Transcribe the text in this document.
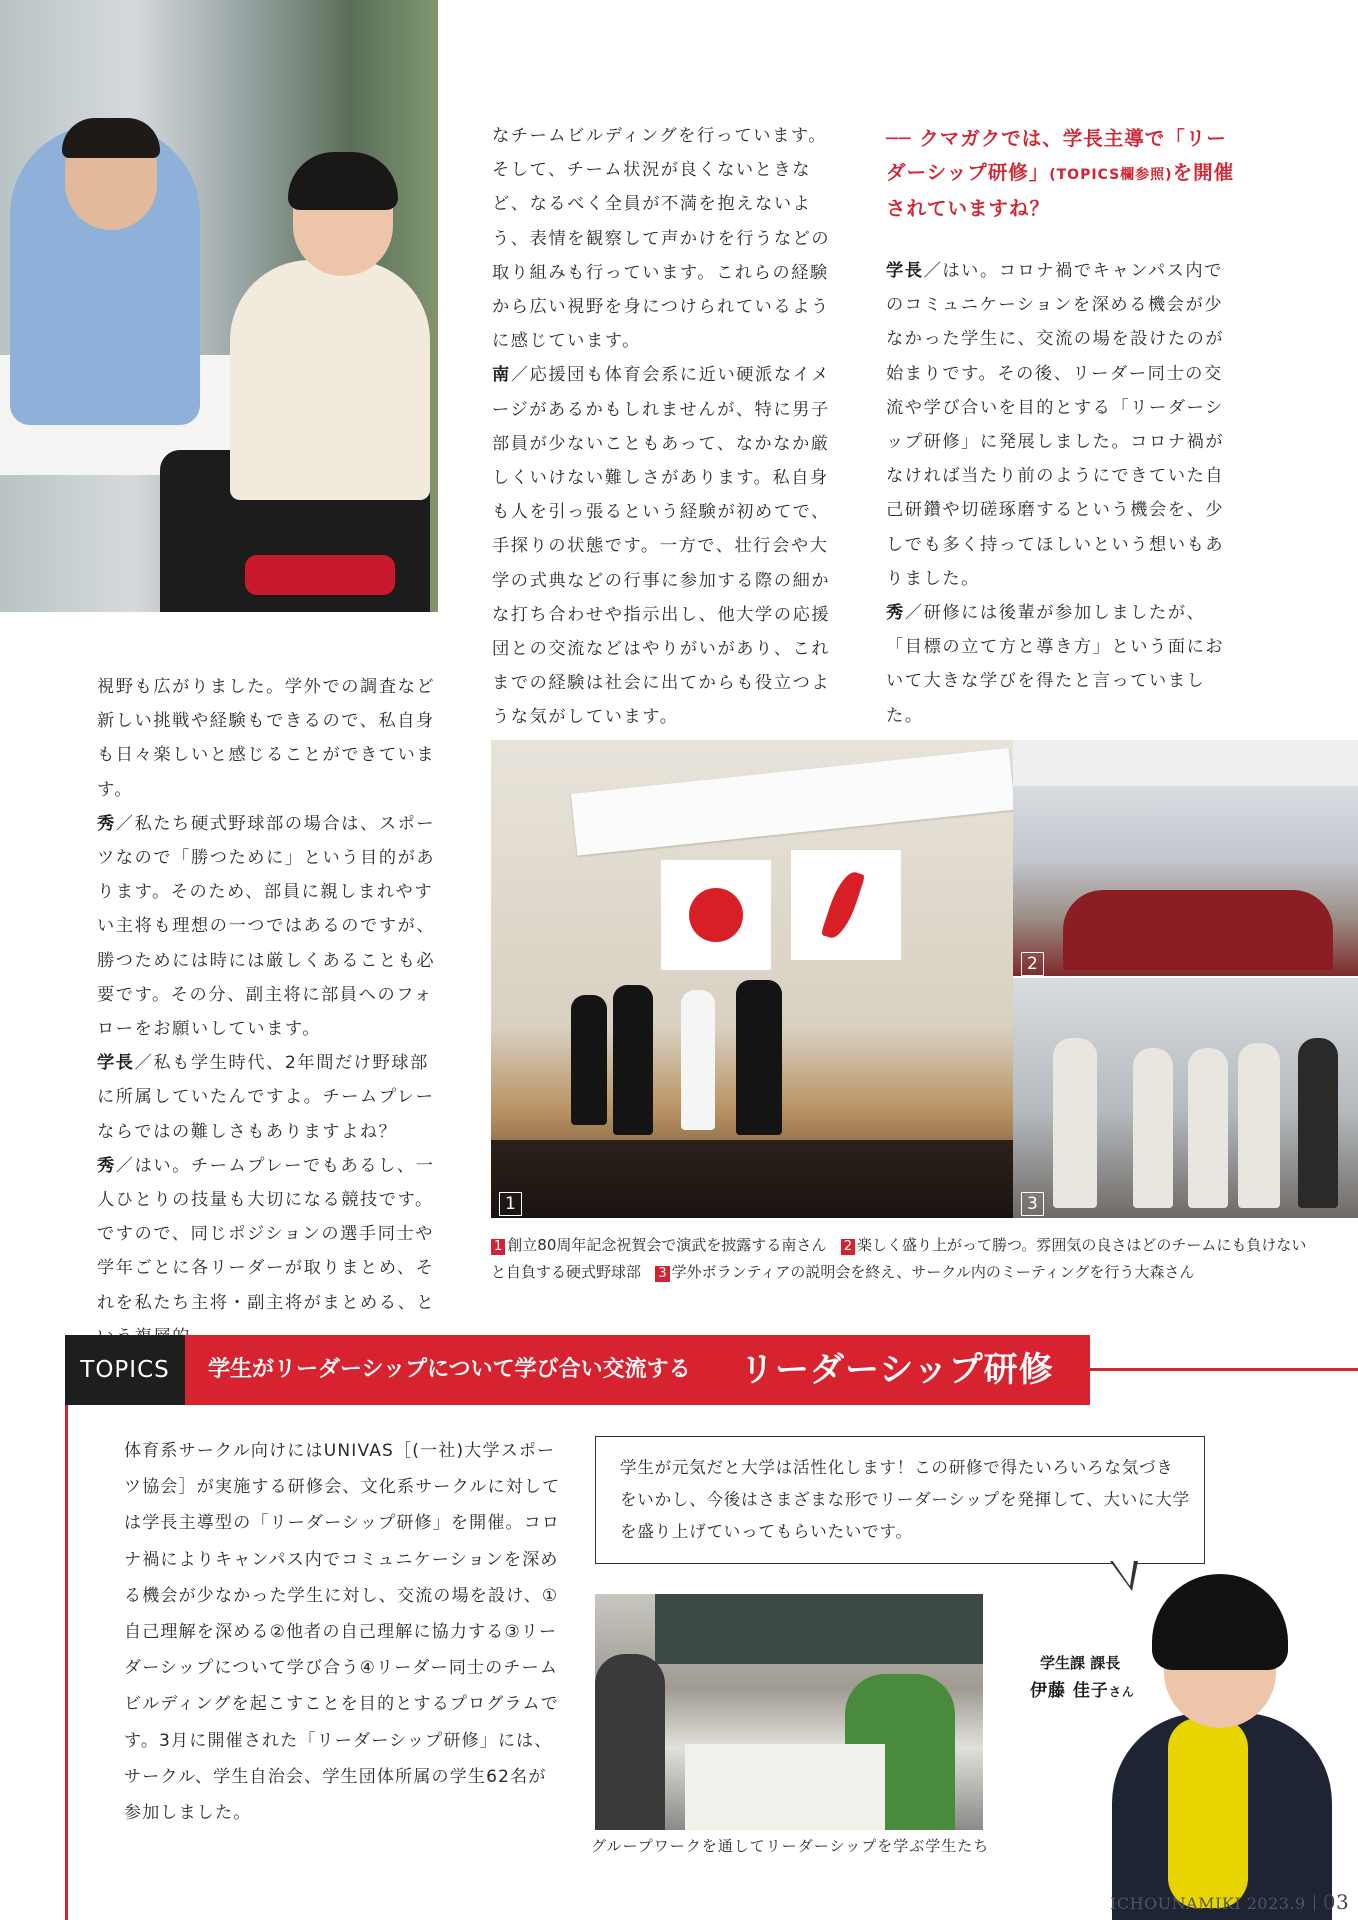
なチームビルディングを行っています。そして、チーム状況が良くないときなど、なるべく全員が不満を抱えないよう、表情を観察して声かけを行うなどの取り組みも行っています。これらの経験から広い視野を身につけられているように感じています。

南／応援団も体育会系に近い硬派なイメージがあるかもしれませんが、特に男子部員が少ないこともあって、なかなか厳しくいけない難しさがあります。私自身も人を引っ張るという経験が初めてで、手探りの状態です。一方で、壮行会や大学の式典などの行事に参加する際の細かな打ち合わせや指示出し、他大学の応援団との交流などはやりがいがあり、これまでの経験は社会に出てからも役立つような気がしています。

── クマガクでは、学長主導で「リーダーシップ研修」(TOPICS欄参照)を開催されていますね？

学長／はい。コロナ禍でキャンパス内でのコミュニケーションを深める機会が少なかった学生に、交流の場を設けたのが始まりです。その後、リーダー同士の交流や学び合いを目的とする「リーダーシップ研修」に発展しました。コロナ禍がなければ当たり前のようにできていた自己研鑽や切磋琢磨するという機会を、少しでも多く持ってほしいという想いもありました。

秀／研修には後輩が参加しましたが、「目標の立て方と導き方」という面において大きな学びを得たと言っていました。

視野も広がりました。学外での調査など新しい挑戦や経験もできるので、私自身も日々楽しいと感じることができています。

秀／私たち硬式野球部の場合は、スポーツなので「勝つために」という目的があります。そのため、部員に親しまれやすい主将も理想の一つではあるのですが、勝つためには時には厳しくあることも必要です。その分、副主将に部員へのフォローをお願いしています。

学長／私も学生時代、2年間だけ野球部に所属していたんですよ。チームプレーならではの難しさもありますよね？

秀／はい。チームプレーでもあるし、一人ひとりの技量も大切になる競技です。ですので、同じポジションの選手同士や学年ごとに各リーダーが取りまとめ、それを私たち主将・副主将がまとめる、と

1
2
3
1 創立80周年記念祝賀会で演武を披露する南さん 2 楽しく盛り上がって勝つ。雰囲気の良さはどのチームにも負けないと自負する硬式野球部 3 学外ボランティアの説明会を終え、サークル内のミーティングを行う大森さん
TOPICS	学生がリーダーシップについて学び合い交流する リーダーシップ研修
体育系サークル向けにはUNIVAS［(一社)大学スポーツ協会］が実施する研修会、文化系サークルに対しては学長主導型の「リーダーシップ研修」を開催。コロナ禍によりキャンパス内でコミュニケーションを深める機会が少なかった学生に対し、交流の場を設け、①自己理解を深める②他者の自己理解に協力する③リーダーシップについて学び合う④リーダー同士のチームビルディングを起こすことを目的とするプログラムです。3月に開催された「リーダーシップ研修」には、サークル、学生自治会、学生団体所属の学生62名が参加しました。
学生が元気だと大学は活性化します！この研修で得たいろいろな気づきをいかし、今後はさまざまな形でリーダーシップを発揮して、大いに大学を盛り上げていってもらいたいです。
グループワークを通してリーダーシップを学ぶ学生たち
学生課 課長
伊藤 佳子さん
ICHOUNAMIKI 2023.9 03
